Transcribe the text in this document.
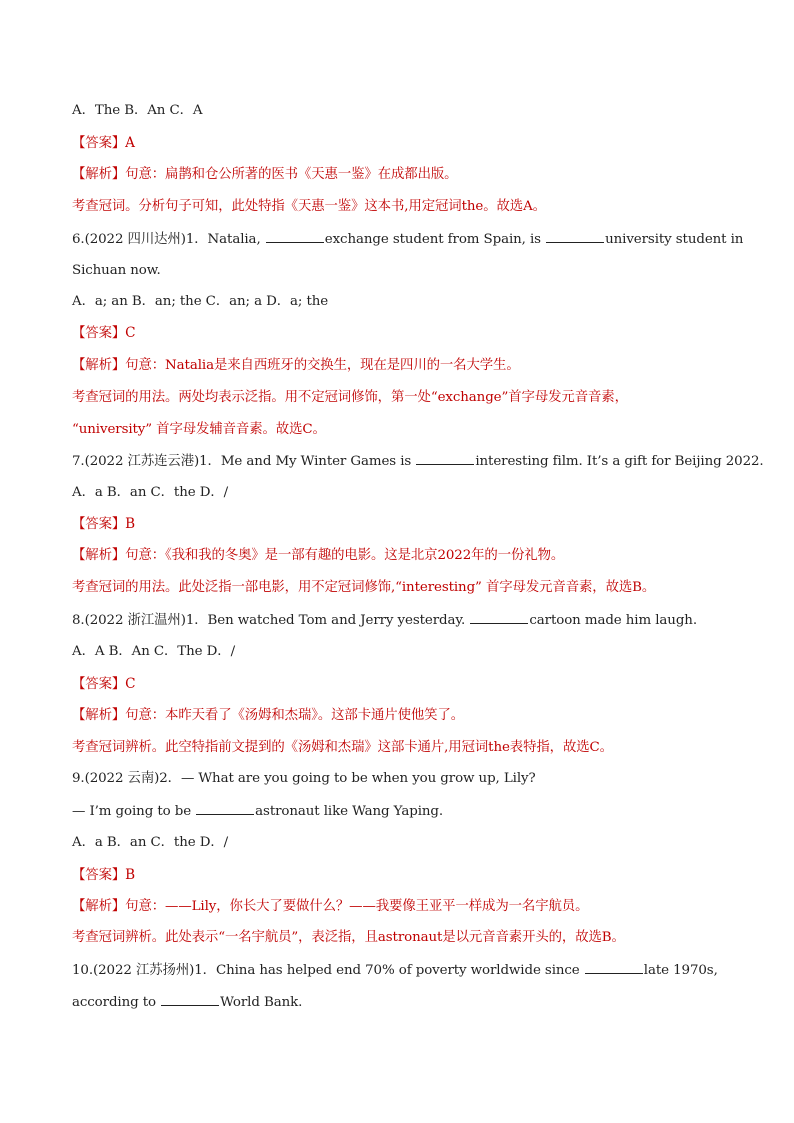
A．The B．An C．A
【答案】A
【解析】句意：扁鹊和仓公所著的医书《天惠一鉴》在成都出版。
考查冠词。分析句子可知，此处特指《天惠一鉴》这本书,用定冠词the。故选A。
6.(2022 四川达州)1．Natalia,	exchange student from Spain, is	university student in
Sichuan now.
A．a; an B．an; the C．an; a D．a; the
【答案】C
【解析】句意：Natalia是来自西班牙的交换生，现在是四川的一名大学生。
考查冠词的用法。两处均表示泛指。用不定冠词修饰，第一处“exchange”首字母发元音音素，
“university” 首字母发辅音音素。故选C。
7.(2022 江苏连云港)1．Me and My Winter Games is	interesting film. It’s a gift for Beijing 2022.
A．a B．an C．the D．/
【答案】B
【解析】句意：《我和我的冬奥》是一部有趣的电影。这是北京2022年的一份礼物。
考查冠词的用法。此处泛指一部电影，用不定冠词修饰,“interesting” 首字母发元音音素，故选B。
8.(2022 浙江温州)1．Ben watched Tom and Jerry yesterday.	cartoon made him laugh.
A．A B．An C．The D．/
【答案】C
【解析】句意：本昨天看了《汤姆和杰瑞》。这部卡通片使他笑了。
考查冠词辨析。此空特指前文提到的《汤姆和杰瑞》这部卡通片,用冠词the表特指，故选C。
9.(2022 云南)2．— What are you going to be when you grow up, Lily?
— I’m going to be	astronaut like Wang Yaping.
A．a B．an C．the D．/
【答案】B
【解析】句意：——Lily，你长大了要做什么？——我要像王亚平一样成为一名宇航员。
考查冠词辨析。此处表示“一名宇航员”，表泛指，且astronaut是以元音音素开头的，故选B。
10.(2022 江苏扬州)1．China has helped end 70% of poverty worldwide since	late 1970s,
according to	World Bank.
